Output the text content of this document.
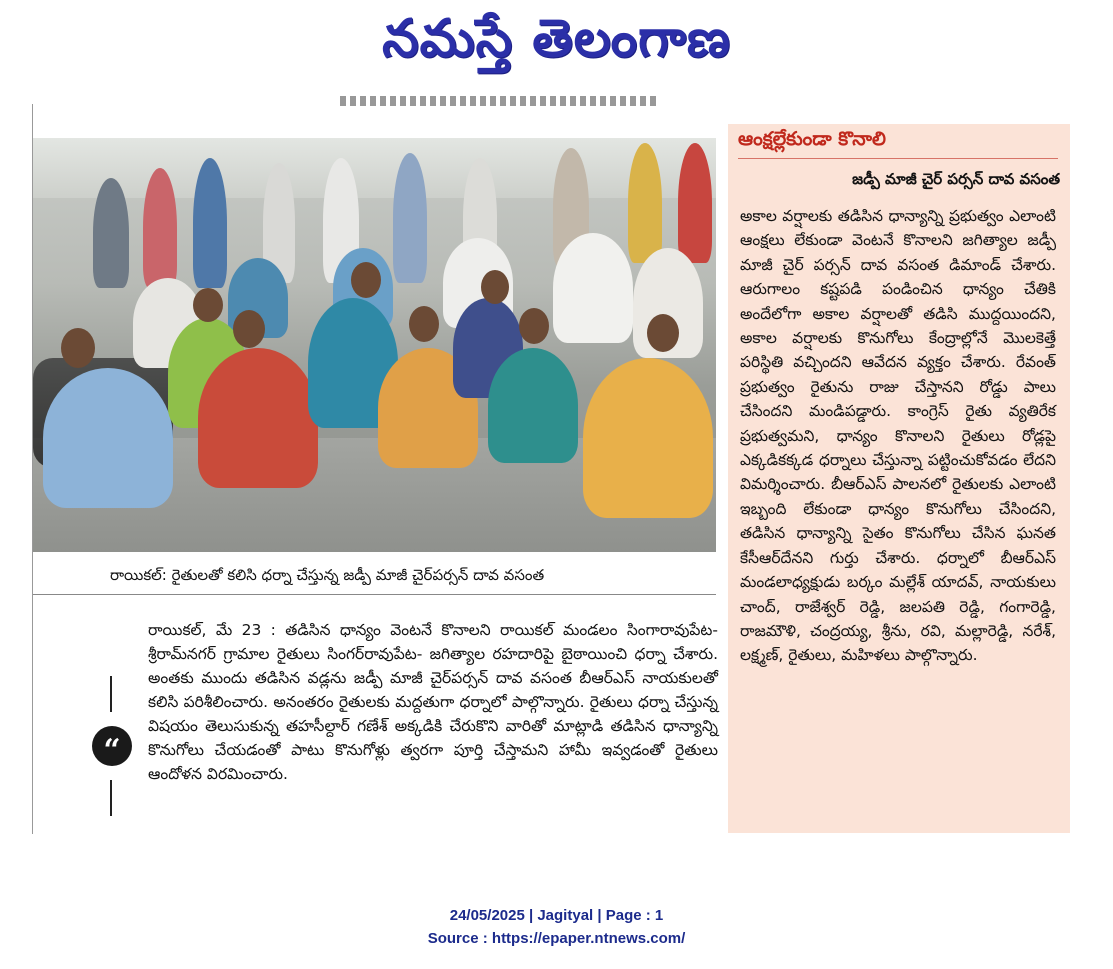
నమస్తే తెలంగాణ
రాయికల్: రైతులతో కలిసి ధర్నా చేస్తున్న జడ్పీ మాజీ చైర్‌పర్సన్ దావ వసంత
“
రాయికల్, మే 23 : తడిసిన ధాన్యం వెంటనే కొనాలని రాయికల్ మండలం సింగారావుపేట- శ్రీరామ్‌నగర్ గ్రామాల రైతులు సింగర్‌రావుపేట- జగిత్యాల రహదారిపై బైఠాయించి ధర్నా చేశారు. అంతకు ముందు తడిసిన వడ్లను జడ్పీ మాజీ చైర్‌పర్సన్ దావ వసంత బీఆర్‌ఎస్ నాయకులతో కలిసి పరిశీలించారు. అనంతరం రైతులకు మద్దతుగా ధర్నాలో పాల్గొన్నారు. రైతులు ధర్నా చేస్తున్న విషయం తెలుసుకున్న తహసీల్దార్ గణేశ్ అక్కడికి చేరుకొని వారితో మాట్లాడి తడిసిన ధాన్యాన్ని కొనుగోలు చేయడంతో పాటు కొనుగోళ్లు త్వరగా పూర్తి చేస్తామని హామీ ఇవ్వడంతో రైతులు ఆందోళన విరమించారు.
ఆంక్షల్లేకుండా కొనాలి
జడ్పీ మాజీ చైర్ పర్సన్ దావ వసంత
అకాల వర్షాలకు తడిసిన ధాన్యాన్ని ప్రభుత్వం ఎలాంటి ఆంక్షలు లేకుండా వెంటనే కొనాలని జగిత్యాల జడ్పీ మాజీ చైర్ పర్సన్ దావ వసంత డిమాండ్ చేశారు. ఆరుగాలం కష్టపడి పండించిన ధాన్యం చేతికి అందేలోగా అకాల వర్షాలతో తడిసి ముద్దయిందని, అకాల వర్షాలకు కొనుగోలు కేంద్రాల్లోనే మొలకెత్తే పరిస్థితి వచ్చిందని ఆవేదన వ్యక్తం చేశారు. రేవంత్ ప్రభుత్వం రైతును రాజు చేస్తానని రోడ్డు పాలు చేసిందని మండిపడ్డారు. కాంగ్రెస్ రైతు వ్యతిరేక ప్రభుత్వమని, ధాన్యం కొనాలని రైతులు రోడ్లపై ఎక్కడికక్కడ ధర్నాలు చేస్తున్నా పట్టించుకోవడం లేదని విమర్శించారు. బీఆర్‌ఎస్ పాలనలో రైతులకు ఎలాంటి ఇబ్బంది లేకుండా ధాన్యం కొనుగోలు చేసిందని, తడిసిన ధాన్యాన్ని సైతం కొనుగోలు చేసిన ఘనత కేసీఆర్‌దేనని గుర్తు చేశారు. ధర్నాలో బీఆర్‌ఎస్ మండలాధ్యక్షుడు బర్కం మల్లేశ్ యాదవ్, నాయకులు చాంద్, రాజేశ్వర్ రెడ్డి, జలపతి రెడ్డి, గంగారెడ్డి, రాజమౌళి, చంద్రయ్య, శ్రీను, రవి, మల్లారెడ్డి, నరేశ్, లక్ష్మణ్, రైతులు, మహిళలు పాల్గొన్నారు.
24/05/2025 | Jagityal | Page : 1
Source : https://epaper.ntnews.com/
